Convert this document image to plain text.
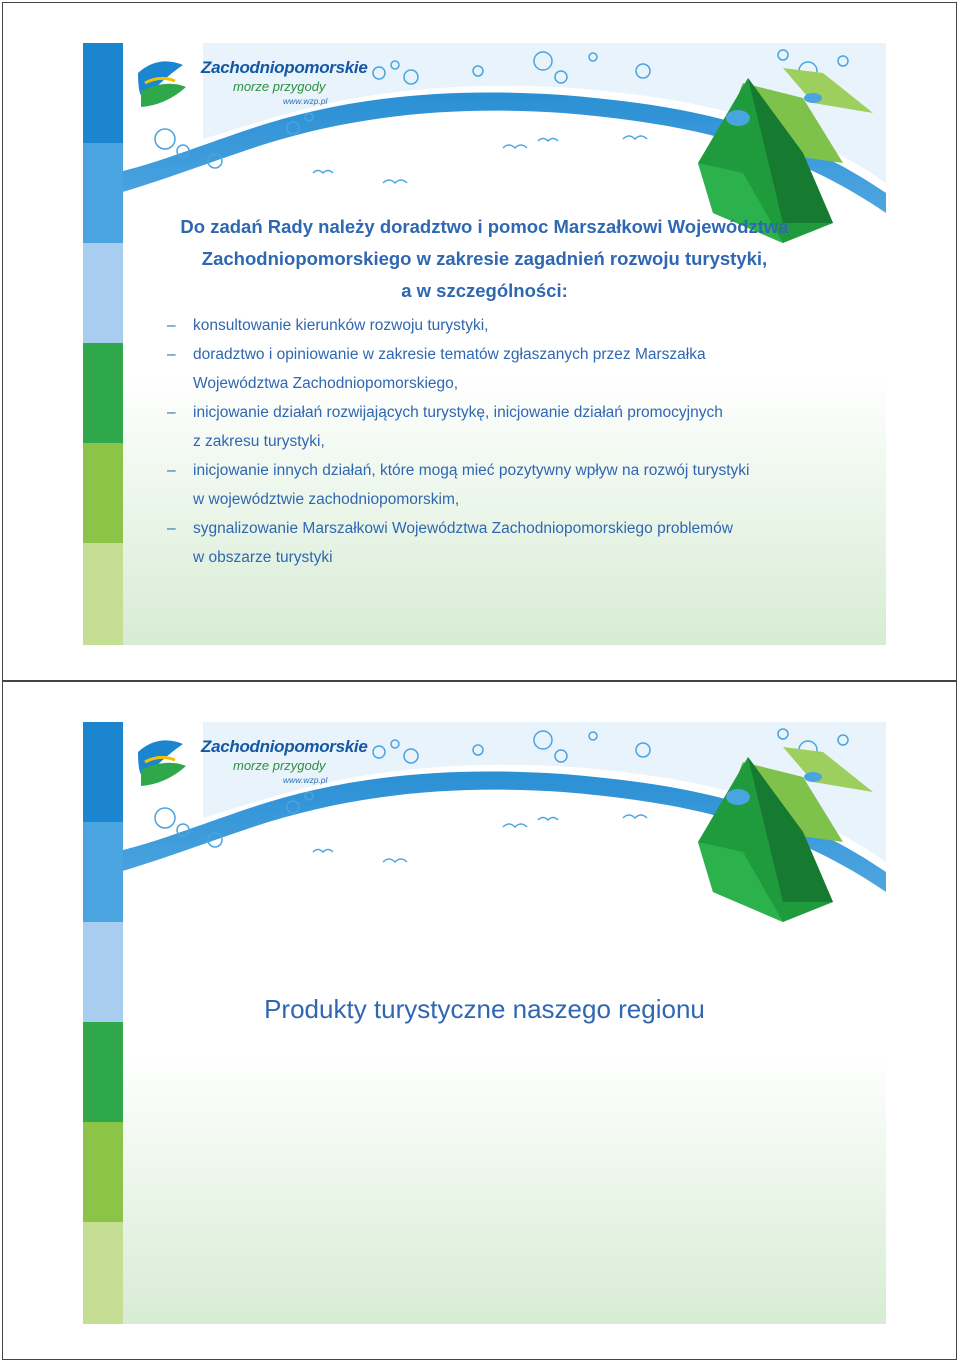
Zachodniopomorskie
morze przygody
www.wzp.pl
Do zadań Rady należy doradztwo i pomoc Marszałkowi Województwa
Zachodniopomorskiego w zakresie zagadnień rozwoju turystyki,
a w szczególności:
– konsultowanie kierunków rozwoju turystyki,
– doradztwo i opiniowanie w zakresie tematów zgłaszanych przez Marszałka
Województwa Zachodniopomorskiego,
– inicjowanie działań rozwijających turystykę, inicjowanie działań promocyjnych
z zakresu turystyki,
– inicjowanie innych działań, które mogą mieć pozytywny wpływ na rozwój turystyki
w województwie zachodniopomorskim,
– sygnalizowanie Marszałkowi Województwa Zachodniopomorskiego problemów
w obszarze turystyki
Zachodniopomorskie
morze przygody
www.wzp.pl
Produkty turystyczne naszego regionu
